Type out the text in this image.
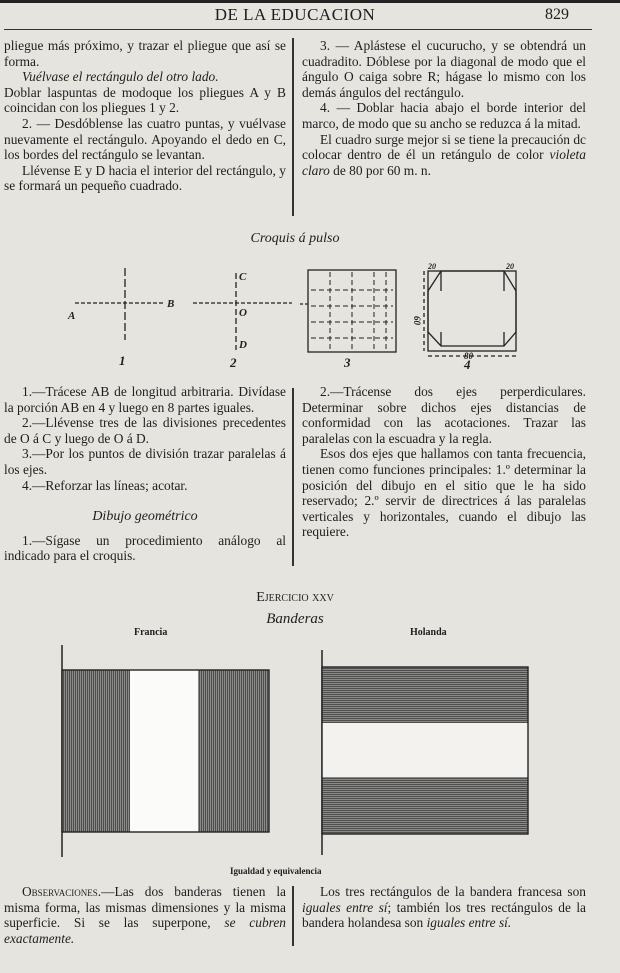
DE LA EDUCACION	829

pliegue más próximo, y trazar el pliegue que así se forma.

Vuélvase el rectángulo del otro lado.

Doblar laspuntas de modoque los pliegues A y B coincidan con los pliegues 1 y 2.

2. — Desdóblense las cuatro puntas, y vuélvase nuevamente el rectángulo. Apoyando el dedo en C, los bordes del rectángulo se levantan.

Llévense E y D hacia el interior del rectángulo, y se formará un pequeño cuadrado.

3. — Aplástese el cucurucho, y se obtendrá un cuadradito. Dóblese por la diagonal de modo que el ángulo O caiga sobre R; hágase lo mismo con los demás ángulos del rectángulo.

4. — Doblar hacia abajo el borde interior del marco, de modo que su ancho se reduzca á la mitad.

El cuadro surge mejor si se tiene la precaución dc colocar dentro de él un retángulo de color violeta claro de 80 por 60 m. n.

Croquis á pulso
A
B
C
O
D
20	20
60
80
1	2	3	4

1.—Trácese AB de longitud arbitraria. Divídase la porción AB en 4 y luego en 8 partes iguales.

2.—Llévense tres de las divisiones precedentes de O á C y luego de O á D.

3.—Por los puntos de división trazar paralelas á los ejes.

4.—Reforzar las líneas; acotar.

Dibujo geométrico

1.—Sígase un procedimiento análogo al indicado para el croquis.

2.—Trácense dos ejes perperdiculares. Determinar sobre dichos ejes distancias de conformidad con las acotaciones. Trazar las paralelas con la escuadra y la regla.

Esos dos ejes que hallamos con tanta frecuencia, tienen como funciones principales: 1.º determinar la posición del dibujo en el sitio que le ha sido reservado; 2.º servir de directrices á las paralelas verticales y horizontales, cuando el dibujo las requiere.

Ejercicio xxv
Banderas
Francia	Holanda
Igualdad y equivalencia

Observaciones.—Las dos banderas tienen la misma forma, las mismas dimensiones y la misma superficie. Si se las superpone, se cubren exactamente.

Los tres rectángulos de la bandera francesa son iguales entre sí; también los tres rectángulos de la bandera holandesa son iguales entre sí.
